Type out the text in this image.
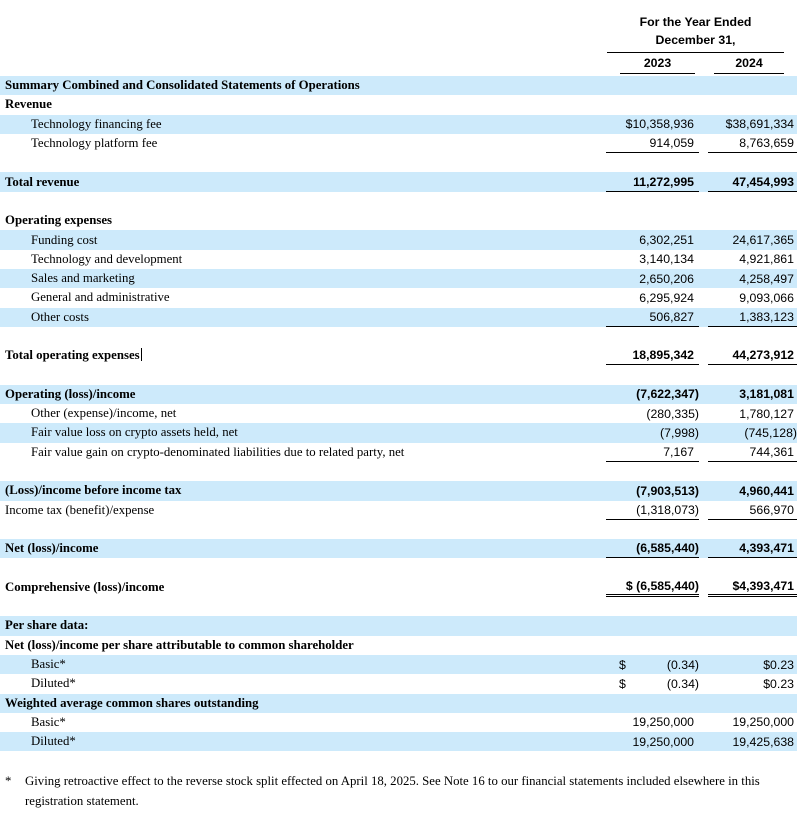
For the Year Ended
December 31,
2023	2024
Summary Combined and Consolidated Statements of Operations
Revenue
Technology financing fee	$10,358,936	$38,691,334
Technology platform fee	914,059	8,763,659
Total revenue	11,272,995	47,454,993
Operating expenses
Funding cost	6,302,251	24,617,365
Technology and development	3,140,134	4,921,861
Sales and marketing	2,650,206	4,258,497
General and administrative	6,295,924	9,093,066
Other costs	506,827	1,383,123
Total operating expenses	18,895,342	44,273,912
Operating (loss)/income	(7,622,347)	3,181,081
Other (expense)/income, net	(280,335)	1,780,127
Fair value loss on crypto assets held, net	(7,998)	(745,128)
Fair value gain on crypto-denominated liabilities due to related party, net	7,167	744,361
(Loss)/income before income tax	(7,903,513)	4,960,441
Income tax (benefit)/expense	(1,318,073)	566,970
Net (loss)/income	(6,585,440)	4,393,471
Comprehensive (loss)/income	$ (6,585,440)	$4,393,471
Per share data:
Net (loss)/income per share attributable to common shareholder
Basic*	$	(0.34)	$0.23
Diluted*	$	(0.34)	$0.23
Weighted average common shares outstanding
Basic*	19,250,000	19,250,000
Diluted*	19,250,000	19,425,638
*	Giving retroactive effect to the reverse stock split effected on April 18, 2025. See Note 16 to our financial statements included elsewhere in this registration statement.
